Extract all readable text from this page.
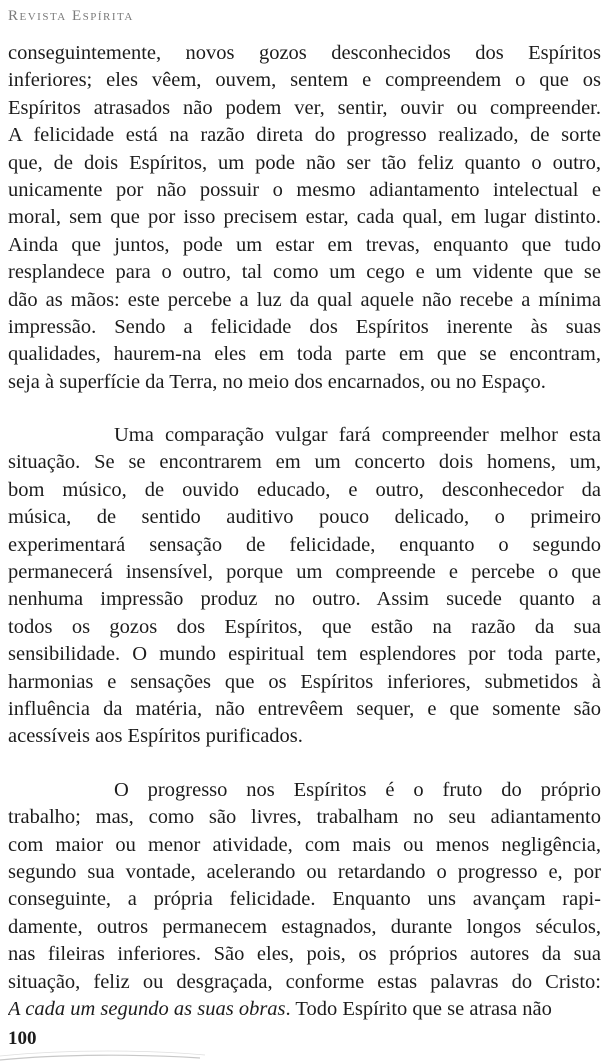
Revista Espírita
conseguintemente, novos gozos desconhecidos dos Espíritos
inferiores; eles vêem, ouvem, sentem e compreendem o que os
Espíritos atrasados não podem ver, sentir, ouvir ou compreender.
A felicidade está na razão direta do progresso realizado, de sorte
que, de dois Espíritos, um pode não ser tão feliz quanto o outro,
unicamente por não possuir o mesmo adiantamento intelectual e
moral, sem que por isso precisem estar, cada qual, em lugar distinto.
Ainda que juntos, pode um estar em trevas, enquanto que tudo
resplandece para o outro, tal como um cego e um vidente que se
dão as mãos: este percebe a luz da qual aquele não recebe a mínima
impressão. Sendo a felicidade dos Espíritos inerente às suas
qualidades, haurem-na eles em toda parte em que se encontram,
seja à superfície da Terra, no meio dos encarnados, ou no Espaço.
Uma comparação vulgar fará compreender melhor esta
situação. Se se encontrarem em um concerto dois homens, um,
bom músico, de ouvido educado, e outro, desconhecedor da
música, de sentido auditivo pouco delicado, o primeiro
experimentará sensação de felicidade, enquanto o segundo
permanecerá insensível, porque um compreende e percebe o que
nenhuma impressão produz no outro. Assim sucede quanto a
todos os gozos dos Espíritos, que estão na razão da sua
sensibilidade. O mundo espiritual tem esplendores por toda parte,
harmonias e sensações que os Espíritos inferiores, submetidos à
influência da matéria, não entrevêem sequer, e que somente são
acessíveis aos Espíritos purificados.
O progresso nos Espíritos é o fruto do próprio
trabalho; mas, como são livres, trabalham no seu adiantamento
com maior ou menor atividade, com mais ou menos negligência,
segundo sua vontade, acelerando ou retardando o progresso e, por
conseguinte, a própria felicidade. Enquanto uns avançam rapi-
damente, outros permanecem estagnados, durante longos séculos,
nas fileiras inferiores. São eles, pois, os próprios autores da sua
situação, feliz ou desgraçada, conforme estas palavras do Cristo:
A cada um segundo as suas obras. Todo Espírito que se atrasa não
100
